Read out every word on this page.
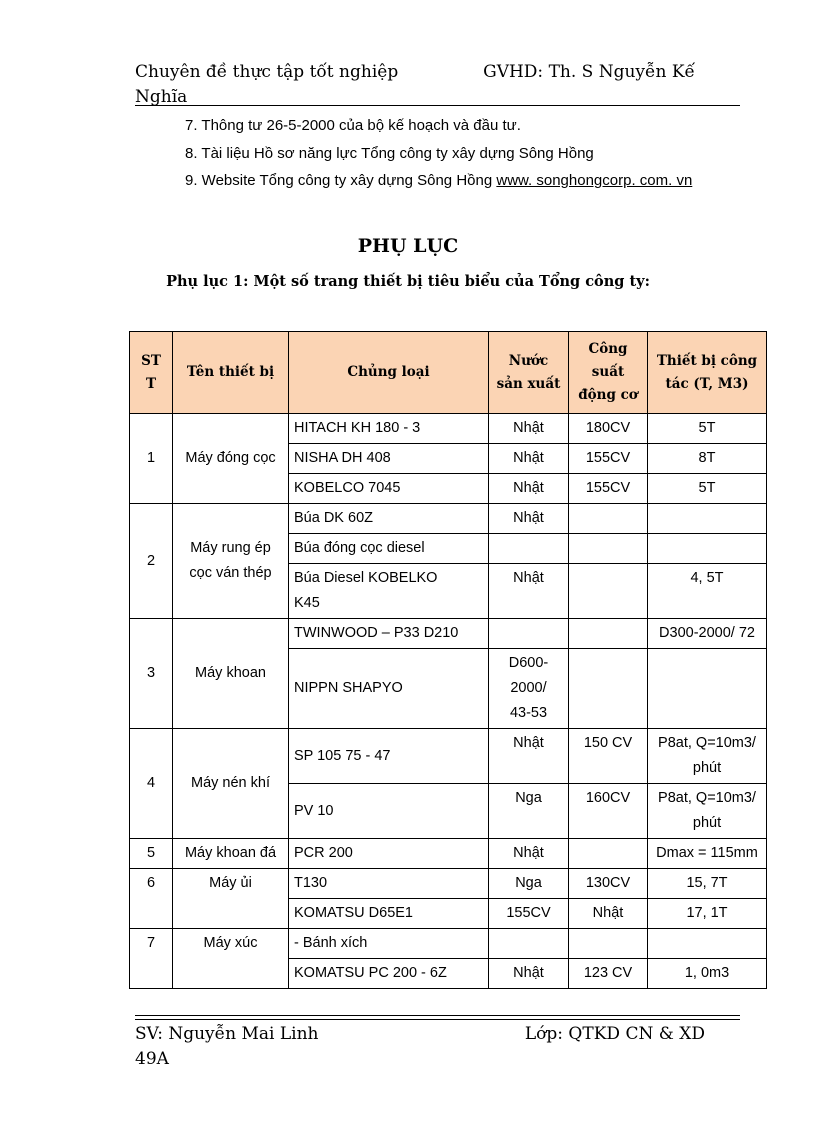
Chuyên đề thực tập tốt nghiệp	GVHD: Th. S Nguyễn Kế
Nghĩa
7. Thông tư 26-5-2000 của bộ kế hoạch và đầu tư.
8. Tài liệu Hồ sơ năng lực Tổng công ty xây dựng Sông Hồng
9. Website Tổng công ty xây dựng Sông Hồng www. songhongcorp. com. vn
PHỤ LỤC
Phụ lục 1: Một số trang thiết bị tiêu biểu của Tổng công ty:
ST T	Tên thiết bị	Chủng loại	Nước sản xuất	Công suất động cơ	Thiết bị công tác (T, M3)
1	Máy đóng cọc	HITACH KH 180 - 3	Nhật	180CV	5T
		NISHA DH 408	Nhật	155CV	8T
		KOBELCO 7045	Nhật	155CV	5T
2	Máy rung ép cọc ván thép	Búa DK 60Z	Nhật		
		Búa đóng cọc diesel			
		Búa Diesel KOBELKO K45	Nhật		4, 5T
3	Máy khoan	TWINWOOD – P33 D210			D300-2000/ 72
		NIPPN SHAPYO	D600-2000/ 43-53		
4	Máy nén khí	SP 105 75 - 47	Nhật	150 CV	P8at, Q=10m3/ phút
		PV 10	Nga	160CV	P8at, Q=10m3/ phút
5	Máy khoan đá	PCR 200	Nhật		Dmax = 115mm
6	Máy ủi	T130	Nga	130CV	15, 7T
		KOMATSU D65E1	155CV	Nhật	17, 1T
7	Máy xúc	- Bánh xích			
		KOMATSU PC 200 - 6Z	Nhật	123 CV	1, 0m3
SV: Nguyễn Mai Linh	Lớp: QTKD CN & XD
49A
